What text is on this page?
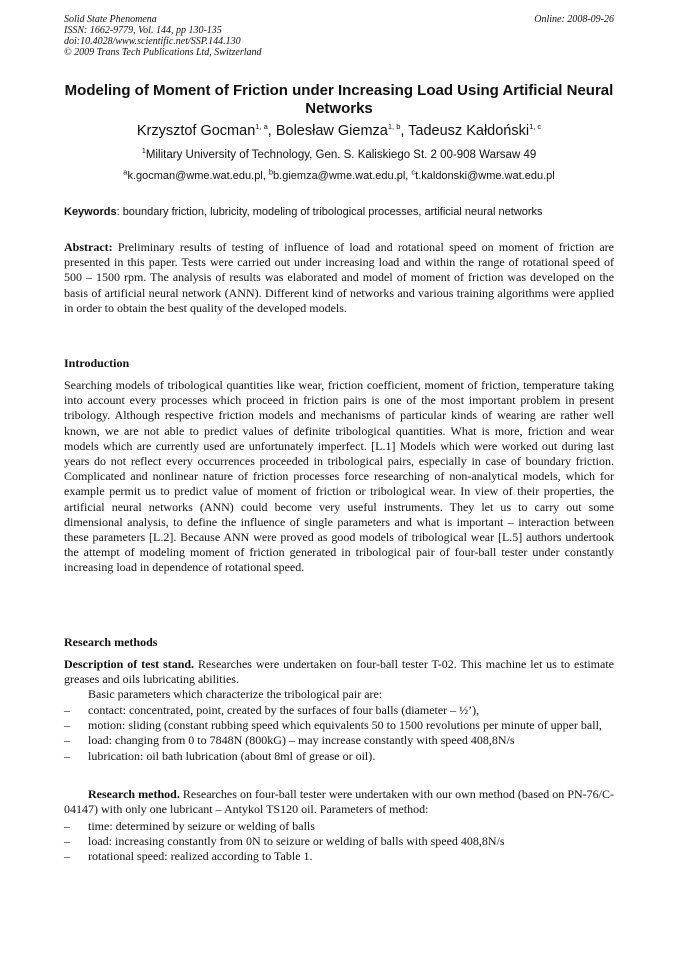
Solid State Phenomena
ISSN: 1662-9779, Vol. 144, pp 130-135
doi:10.4028/www.scientific.net/SSP.144.130
© 2009 Trans Tech Publications Ltd, Switzerland
Online: 2008-09-26
Modeling of Moment of Friction under Increasing Load Using Artificial Neural Networks
Krzysztof Gocman$^{1, a}$, Bolesław Giemza$^{1, b}$, Tadeusz Kałdoński$^{1, c}$
$^1$Military University of Technology, Gen. S. Kaliskiego St. 2 00-908 Warsaw 49
$^a$k.gocman@wme.wat.edu.pl, $^b$b.giemza@wme.wat.edu.pl, $^c$t.kaldonski@wme.wat.edu.pl
Keywords: boundary friction, lubricity, modeling of tribological processes, artificial neural networks
Abstract: Preliminary results of testing of influence of load and rotational speed on moment of friction are presented in this paper. Tests were carried out under increasing load and within the range of rotational speed of 500 – 1500 rpm. The analysis of results was elaborated and model of moment of friction was developed on the basis of artificial neural network (ANN). Different kind of networks and various training algorithms were applied in order to obtain the best quality of the developed models.
Introduction
Searching models of tribological quantities like wear, friction coefficient, moment of friction, temperature taking into account every processes which proceed in friction pairs is one of the most important problem in present tribology. Although respective friction models and mechanisms of particular kinds of wearing are rather well known, we are not able to predict values of definite tribological quantities. What is more, friction and wear models which are currently used are unfortunately imperfect. [L.1] Models which were worked out during last years do not reflect every occurrences proceeded in tribological pairs, especially in case of boundary friction. Complicated and nonlinear nature of friction processes force researching of non-analytical models, which for example permit us to predict value of moment of friction or tribological wear. In view of their properties, the artificial neural networks (ANN) could become very useful instruments. They let us to carry out some dimensional analysis, to define the influence of single parameters and what is important – interaction between these parameters [L.2]. Because ANN were proved as good models of tribological wear [L.5] authors undertook the attempt of modeling moment of friction generated in tribological pair of four-ball tester under constantly increasing load in dependence of rotational speed.
Research methods
Description of test stand. Researches were undertaken on four-ball tester T-02. This machine let us to estimate greases and oils lubricating abilities.
Basic parameters which characterize the tribological pair are:
– contact: concentrated, point, created by the surfaces of four balls (diameter – ½’),
– motion: sliding (constant rubbing speed which equivalents 50 to 1500 revolutions per minute of upper ball,
– load: changing from 0 to 7848N (800kG) – may increase constantly with speed 408,8N/s
– lubrication: oil bath lubrication (about 8ml of grease or oil).
Research method. Researches on four-ball tester were undertaken with our own method (based on PN-76/C-04147) with only one lubricant – Antykol TS120 oil. Parameters of method:
– time: determined by seizure or welding of balls
– load: increasing constantly from 0N to seizure or welding of balls with speed 408,8N/s
– rotational speed: realized according to Table 1.
